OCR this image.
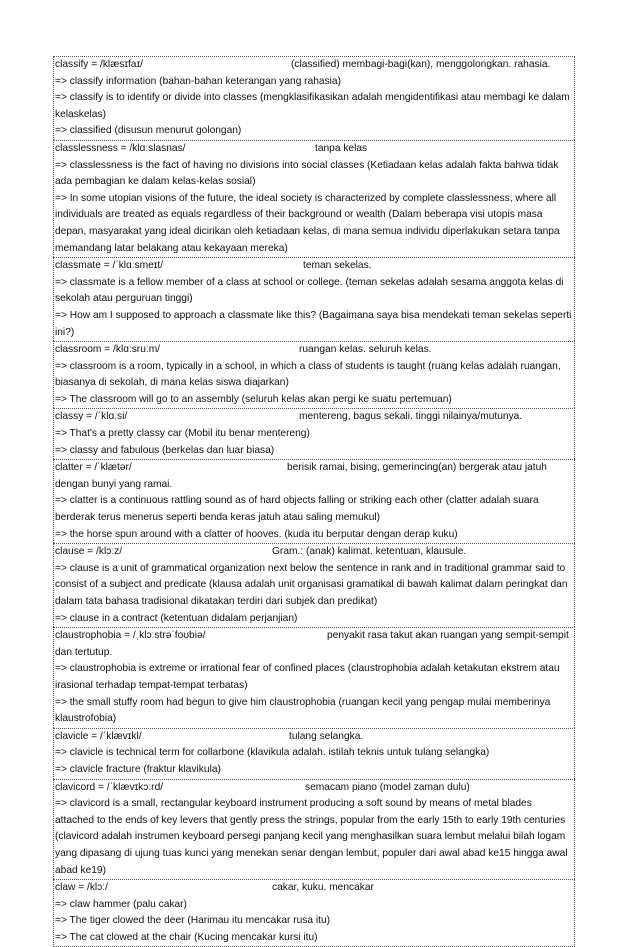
classify = /klæsɪfaɪ/	(classified) membagi-bagi(kan), menggolongkan. rahasia.
=> classify information (bahan-bahan keterangan yang rahasia)
=> classify is to identify or divide into classes (mengklasifikasikan adalah mengidentifikasi atau membagi ke dalam kelaskelas)
=> classified (disusun menurut golongan)
classlessness = /klɑːslasnas/	tanpa kelas
=> classlessness is the fact of having no divisions into social classes (Ketiadaan kelas adalah fakta bahwa tidak ada pembagian ke dalam kelas-kelas sosial)
=> In some utopian visions of the future, the ideal society is characterized by complete classlessness, where all individuals are treated as equals regardless of their background or wealth (Dalam beberapa visi utopis masa depan, masyarakat yang ideal dicirikan oleh ketiadaan kelas, di mana semua individu diperlakukan setara tanpa memandang latar belakang atau kekayaan mereka)
classmate = /ˈklɑːsmeɪt/	teman sekelas.
=> classmate is a fellow member of a class at school or college. (teman sekelas adalah sesama anggota kelas di sekolah atau perguruan tinggi)
=> How am I supposed to approach a classmate like this? (Bagaimana saya bisa mendekati teman sekelas seperti ini?)
classroom = /klɑːsruːm/	ruangan kelas. seluruh kelas.
=> classroom is a room, typically in a school, in which a class of students is taught (ruang kelas adalah ruangan, biasanya di sekolah, di mana kelas siswa diajarkan)
=> The classroom will go to an assembly (seluruh kelas akan pergi ke suatu pertemuan)
classy = /ˈklɑːsi/	mentereng, bagus sekali. tinggi nilainya/mutunya.
=> That's a pretty classy car (Mobil itu benar mentereng)
=> classy and fabulous (berkelas dan luar biasa)
clatter = /ˈklætər/	berisik ramai, bising, gemerincing(an) bergerak atau jatuh dengan bunyi yang ramai.
=> clatter is a continuous rattling sound as of hard objects falling or striking each other (clatter adalah suara berderak terus menerus seperti benda keras jatuh atau saling memukul)
=> the horse spun around with a clatter of hooves. (kuda itu berputar dengan derap kuku)
clause = /klɔːz/	Gram.: (anak) kalimat. ketentuan, klausule.
=> clause is a unit of grammatical organization next below the sentence in rank and in traditional grammar said to consist of a subject and predicate (klausa adalah unit organisasi gramatikal di bawah kalimat dalam peringkat dan dalam tata bahasa tradisional dikatakan terdiri dari subjek dan predikat)
=> clause in a contract (ketentuan didalam perjanjian)
claustrophobia = /ˌklɔːstrəˈfoʊbiə/	penyakit rasa takut akan ruangan yang sempit-sempit dan tertutup.
=> claustrophobia is extreme or irrational fear of confined places (claustrophobia adalah ketakutan ekstrem atau irasional terhadap tempat-tempat terbatas)
=> the small stuffy room had begun to give him claustrophobia (ruangan kecil yang pengap mulai memberinya klaustrofobia)
clavicle = /ˈklævɪkl/	tulang selangka.
=> clavicle is technical term for collarbone (klavikula adalah. istilah teknis untuk tulang selangka)
=> clavicle fracture (fraktur klavikula)
clavicord = /ˈklævɪkɔːrd/	semacam piano (model zaman dulu)
=> clavicord is a small, rectangular keyboard instrument producing a soft sound by means of metal blades attached to the ends of key levers that gently press the strings, popular from the early 15th to early 19th centuries (clavicord adalah instrumen keyboard persegi panjang kecil yang menghasilkan suara lembut melalui bilah logam yang dipasang di ujung tuas kunci yang menekan senar dengan lembut, populer dari awal abad ke15 hingga awal abad ke19)
claw = /klɔː/	cakar, kuku. mencakar
=> claw hammer (palu cakar)
=> The tiger clowed the deer (Harimau itu mencakar rusa itu)
=> The cat clowed at the chair (Kucing mencakar kursi itu)
